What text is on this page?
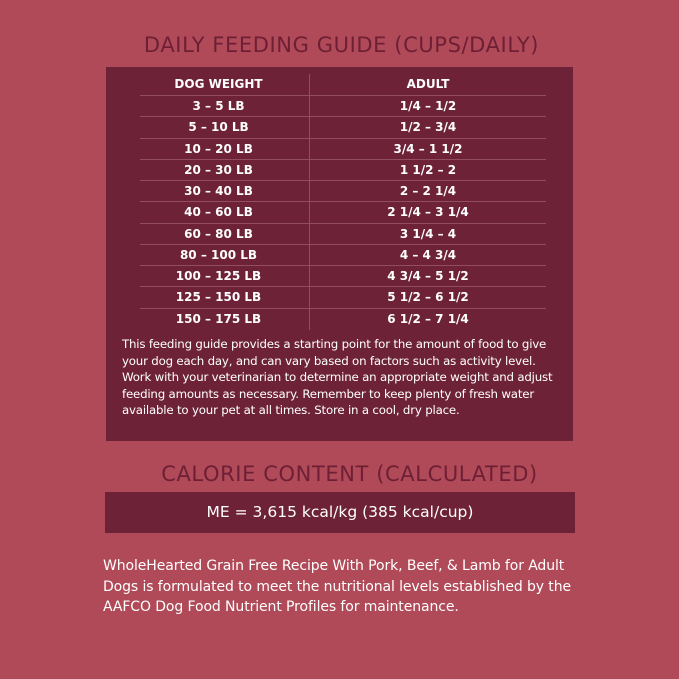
DAILY FEEDING GUIDE (CUPS/DAILY)
DOG WEIGHT	ADULT
3 – 5 LB	1/4 – 1/2
5 – 10 LB	1/2 – 3/4
10 – 20 LB	3/4 – 1 1/2
20 – 30 LB	1 1/2 – 2
30 – 40 LB	2 – 2 1/4
40 – 60 LB	2 1/4 – 3 1/4
60 – 80 LB	3 1/4 – 4
80 – 100 LB	4 – 4 3/4
100 – 125 LB	4 3/4 – 5 1/2
125 – 150 LB	5 1/2 – 6 1/2
150 – 175 LB	6 1/2 – 7 1/4
This feeding guide provides a starting point for the amount of food to give your dog each day, and can vary based on factors such as activity level. Work with your veterinarian to determine an appropriate weight and adjust feeding amounts as necessary. Remember to keep plenty of fresh water available to your pet at all times. Store in a cool, dry place.
CALORIE CONTENT (CALCULATED)
ME = 3,615 kcal/kg (385 kcal/cup)
WholeHearted Grain Free Recipe With Pork, Beef, & Lamb for Adult Dogs is formulated to meet the nutritional levels established by the AAFCO Dog Food Nutrient Profiles for maintenance.
